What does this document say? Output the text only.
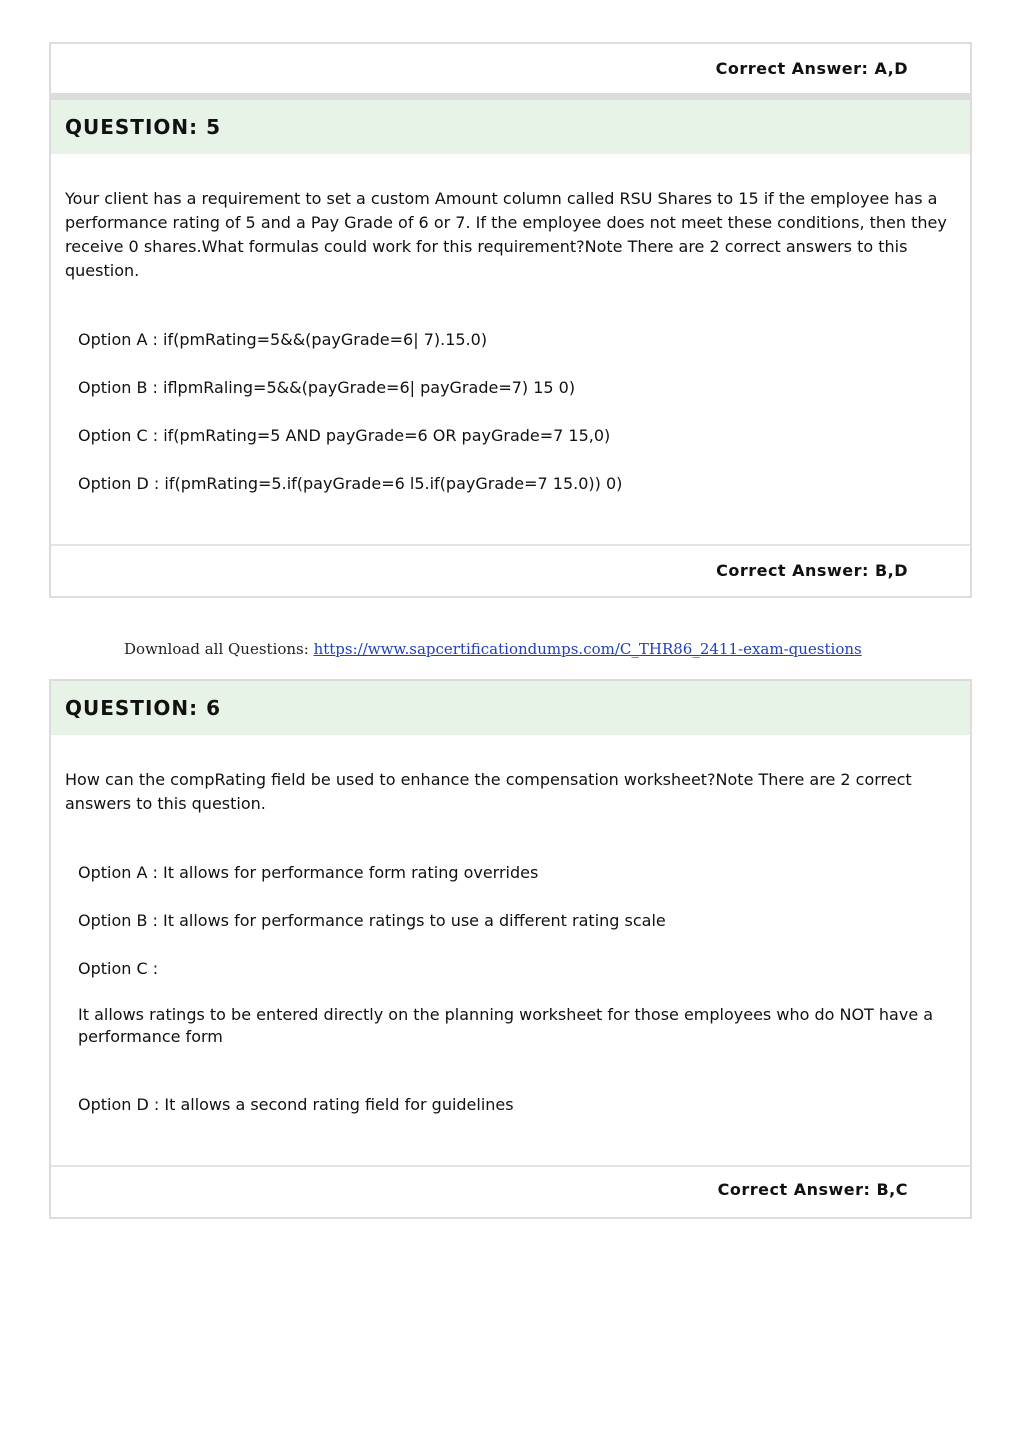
Correct Answer: A,D
QUESTION: 5
Your client has a requirement to set a custom Amount column called RSU Shares to 15 if the employee has a performance rating of 5 and a Pay Grade of 6 or 7. If the employee does not meet these conditions, then they receive 0 shares.What formulas could work for this requirement?Note There are 2 correct answers to this question.
Option A : if(pmRating=5&&(payGrade=6| 7).15.0)
Option B : iflpmRaling=5&&(payGrade=6| payGrade=7) 15 0)
Option C : if(pmRating=5 AND payGrade=6 OR payGrade=7 15,0)
Option D : if(pmRating=5.if(payGrade=6 l5.if(payGrade=7 15.0)) 0)
Correct Answer: B,D
Download all Questions: https://www.sapcertificationdumps.com/C_THR86_2411-exam-questions
QUESTION: 6
How can the compRating field be used to enhance the compensation worksheet?Note There are 2 correct answers to this question.
Option A : It allows for performance form rating overrides
Option B : It allows for performance ratings to use a different rating scale
Option C :
It allows ratings to be entered directly on the planning worksheet for those employees who do NOT have a performance form
Option D : It allows a second rating field for guidelines
Correct Answer: B,C
